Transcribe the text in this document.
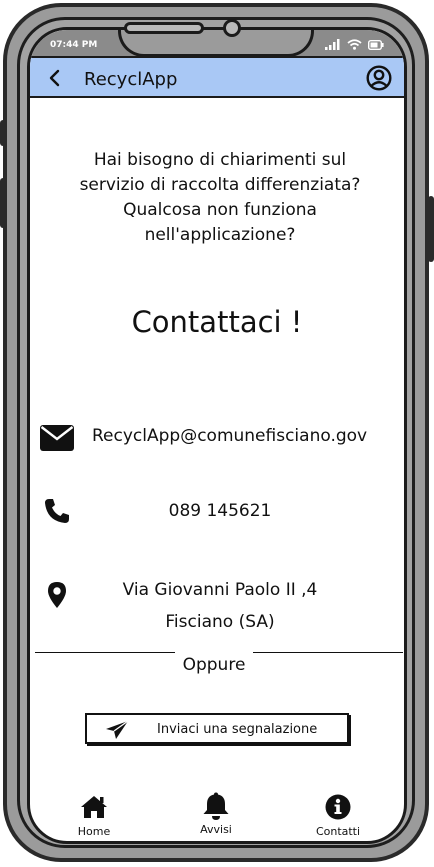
07:44 PM
RecyclApp
Hai bisogno di chiarimenti sul
servizio di raccolta differenziata?
Qualcosa non funziona
nell'applicazione?
Contattaci !
RecyclApp@comunefisciano.gov
089 145621
Via Giovanni Paolo II ,4
Fisciano (SA)
Oppure
Inviaci una segnalazione
Home	Avvisi	Contatti
